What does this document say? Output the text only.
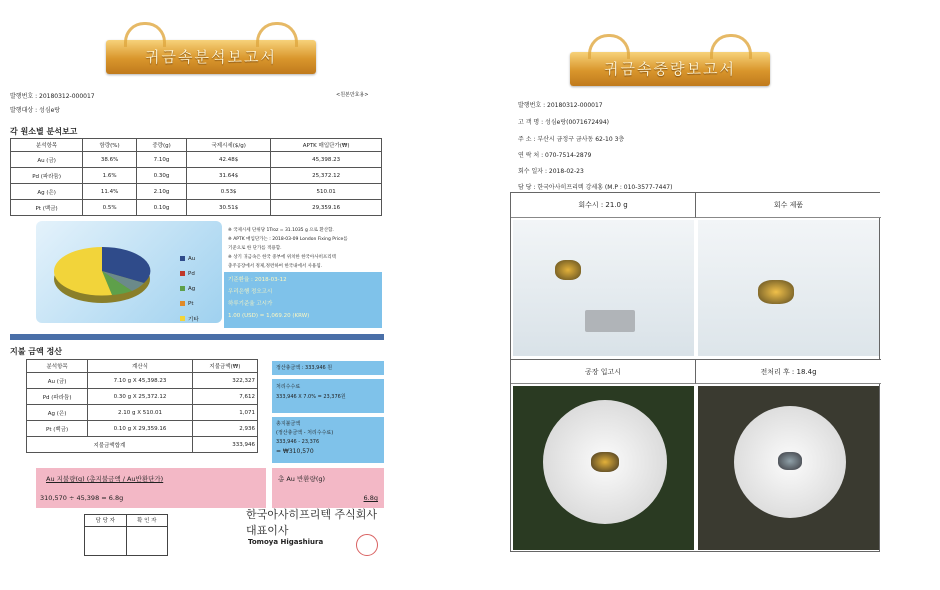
귀금속분석보고서
발행번호 : 20180312-000017	<원본만효용>
발행대상 : 성심e랑
각 원소별 분석보고
분석항목	함량(%)	중량(g)	국제시세($/g)	APTK 매입단가(₩)
Au (금)	38.6%	7.10g	42.48$	45,398.23
Pd (파라듐)	1.6%	0.30g	31.64$	25,372.12
Ag (은)	11.4%	2.10g	0.53$	510.01
Pt (백금)	0.5%	0.10g	30.51$	29,359.16
Au
Pd
Ag
Pt
기타
※ 국제시세 단위당 1Troz = 31.1035 g 으로 환산함.
※ APTK 매입단가는 : 2018-03-09 London Fixing Price를
기준으로 한 단가를 적용함.
※ 상기 귀금속은 한국 중부에 위치한 한국아사히프리텍
충주공장에서 정제,정련하여 한국내에서 사용됨.
기준환율 : 2018-03-12
우리은행 정오고시
하루기준율 고시가
1.00 (USD) = 1,069.20 (KRW)
지불 금액 정산
분석항목	계산식	지불금액(₩)
Au (금)	7.10 g X 45,398.23	322,327
Pd (파라듐)	0.30 g X 25,372.12	7,612
Ag (은)	2.10 g X 510.01	1,071
Pt (백금)	0.10 g X 29,359.16	2,936
지불금액합계		333,946
정산총금액 : 333,946 원
처리수수료
333,946 X 7.0% = 23,376원
총지불금액
(정산총금액 - 처리수수료)
333,946 - 23,376
= ₩310,570
Au 지불량(g) (총지불금액 / Au반환단가)
310,570 ÷ 45,398 = 6.8g
총 Au 반환량(g)
6.8g
담 당 자	확 인 자	한국아사히프리텍 주식회사
대표이사
Tomoya Higashiura
귀금속중량보고서
발행번호 : 20180312-000017
고 객 명 : 성심e랑(0071672494)
주 소 : 부산시 금정구 금사동 62-10 3층
연 락 처 : 070-7514-2879
회수 일자 : 2018-02-23
담 당 : 한국아사히프리텍 강세홍 (M.P : 010-3577-7447)
회수시 : 21.0 g	회수 제품
공장 입고시	전처리 후 : 18.4g
